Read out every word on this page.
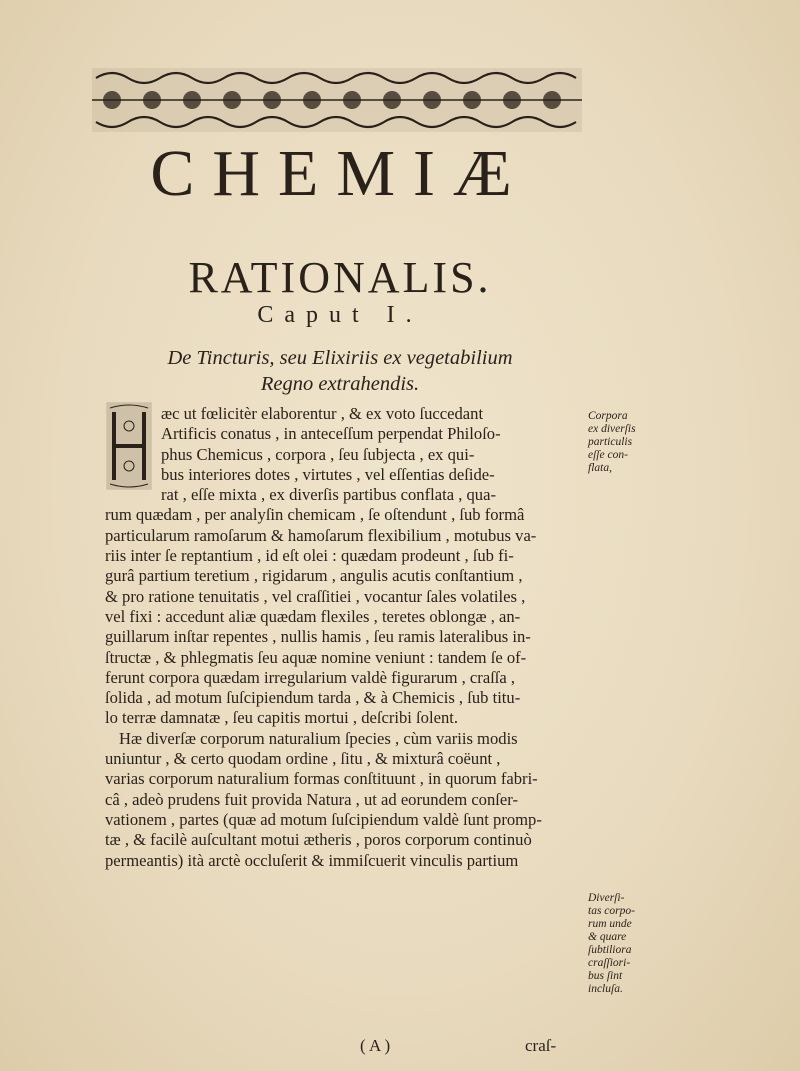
CHEMIÆ
RATIONALIS.
Caput I.
De Tincturis, seu Elixiriis ex vegetabilium
Regno extrahendis.
æc ut fœlicitèr elaborentur , & ex voto ſuccedant
Artificis conatus , in anteceſſum perpendat Philoſo-
phus Chemicus , corpora , ſeu ſubjecta , ex qui-
bus interiores dotes , virtutes , vel eſſentias deſide-
rat , eſſe mixta , ex diverſis partibus conflata , qua-
rum quædam , per analyſin chemicam , ſe oſtendunt , ſub formâ
particularum ramoſarum & hamoſarum flexibilium , motubus va-
riis inter ſe reptantium , id eſt olei : quædam prodeunt , ſub fi-
gurâ partium teretium , rigidarum , angulis acutis conſtantium ,
& pro ratione tenuitatis , vel craſſitiei , vocantur ſales volatiles ,
vel fixi : accedunt aliæ quædam flexiles , teretes oblongæ , an-
guillarum inſtar repentes , nullis hamis , ſeu ramis lateralibus in-
ſtructæ , & phlegmatis ſeu aquæ nomine veniunt : tandem ſe of-
ferunt corpora quædam irregularium valdè figurarum , craſſa ,
ſolida , ad motum ſuſcipiendum tarda , & à Chemicis , ſub titu-
lo terræ damnatæ , ſeu capitis mortui , deſcribi ſolent.
Hæ diverſæ corporum naturalium ſpecies , cùm variis modis
uniuntur , & certo quodam ordine , ſitu , & mixturâ coëunt ,
varias corporum naturalium formas conſtituunt , in quorum fabri-
câ , adeò prudens fuit provida Natura , ut ad eorundem conſer-
vationem , partes (quæ ad motum ſuſcipiendum valdè ſunt promp-
tæ , & facilè auſcultant motui ætheris , poros corporum continuò
permeantis) ità arctè occluſerit & immiſcuerit vinculis partium
Corpora
ex diverſis
particulis
eſſe con-
flata,
Diverſi-
tas corpo-
rum unde
& quare
ſubtiliora
craſſiori-
bus ſint
incluſa.
( A )	craſ-
